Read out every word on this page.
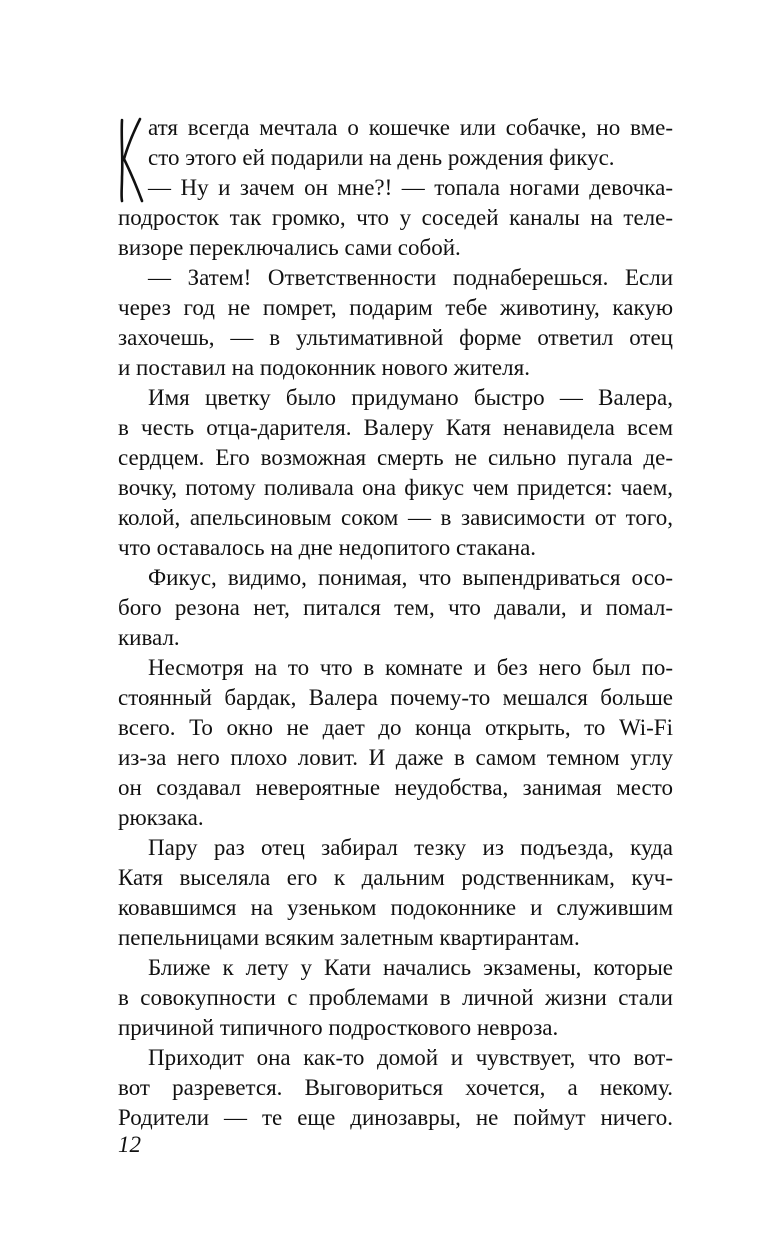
атя всегда мечтала о кошечке или собачке, но вме-
сто этого ей подарили на день рождения фикус.
— Ну и зачем он мне?! — топала ногами девочка-
подросток так громко, что у соседей каналы на теле-
визоре переключались сами собой.
— Затем! Ответственности поднаберешься. Если
через год не помрет, подарим тебе животину, какую
захочешь, — в ультимативной форме ответил отец
и поставил на подоконник нового жителя.
Имя цветку было придумано быстро — Валера,
в честь отца-дарителя. Валеру Катя ненавидела всем
сердцем. Его возможная смерть не сильно пугала де-
вочку, потому поливала она фикус чем придется: чаем,
колой, апельсиновым соком — в зависимости от того,
что оставалось на дне недопитого стакана.
Фикус, видимо, понимая, что выпендриваться осо-
бого резона нет, питался тем, что давали, и помал-
кивал.
Несмотря на то что в комнате и без него был по-
стоянный бардак, Валера почему-то мешался больше
всего. То окно не дает до конца открыть, то Wi-Fi
из-за него плохо ловит. И даже в самом темном углу
он создавал невероятные неудобства, занимая место
рюкзака.
Пару раз отец забирал тезку из подъезда, куда
Катя выселяла его к дальним родственникам, куч-
ковавшимся на узеньком подоконнике и служившим
пепельницами всяким залетным квартирантам.
Ближе к лету у Кати начались экзамены, которые
в совокупности с проблемами в личной жизни стали
причиной типичного подросткового невроза.
Приходит она как-то домой и чувствует, что вот-
вот разревется. Выговориться хочется, а некому.
Родители — те еще динозавры, не поймут ничего.
12
